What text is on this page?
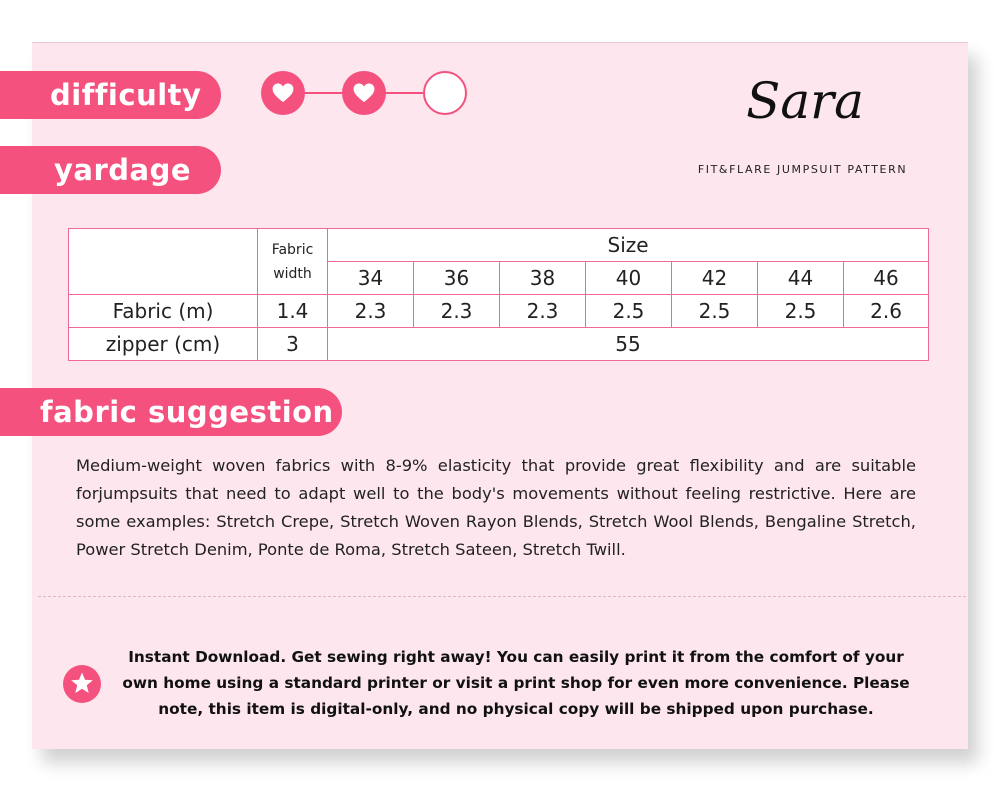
difficulty
yardage
Sara
FIT&FLARE JUMPSUIT PATTERN
	Fabric width	Size						
		34	36	38	40	42	44	46
Fabric (m)	1.4	2.3	2.3	2.3	2.5	2.5	2.5	2.6
zipper (cm)	3	55						
fabric suggestion
Medium-weight woven fabrics with 8-9% elasticity that provide great flexibility and are suitable forjumpsuits that need to adapt well to the body's movements without feeling restrictive. Here are some examples: Stretch Crepe, Stretch Woven Rayon Blends, Stretch Wool Blends, Bengaline Stretch, Power Stretch Denim, Ponte de Roma, Stretch Sateen, Stretch Twill.
Instant Download. Get sewing right away! You can easily print it from the comfort of your own home using a standard printer or visit a print shop for even more convenience. Please note, this item is digital-only, and no physical copy will be shipped upon purchase.
